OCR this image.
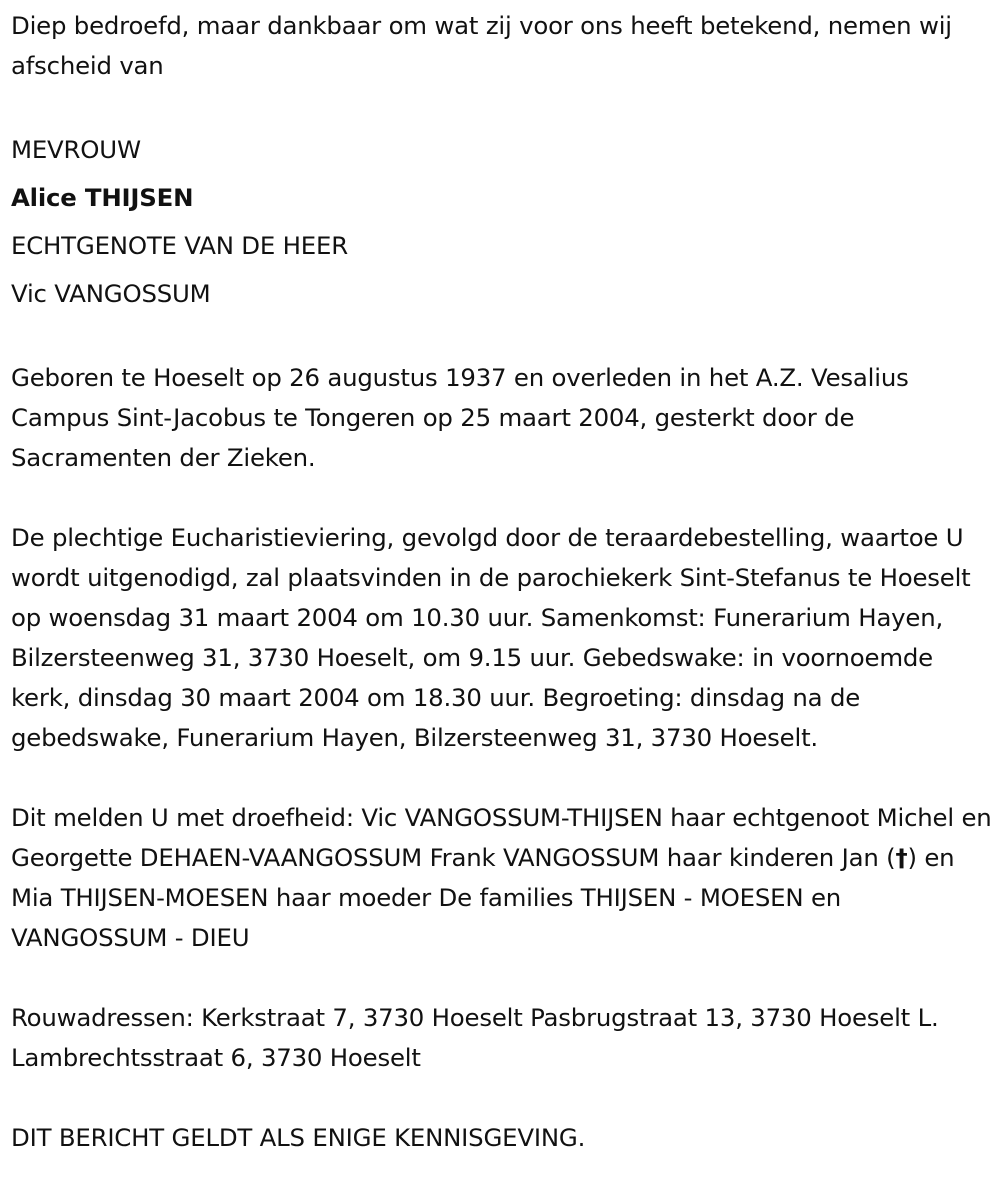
Diep bedroefd, maar dankbaar om wat zij voor ons heeft betekend, nemen wij afscheid van

MEVROUW

Alice THIJSEN

ECHTGENOTE VAN DE HEER

Vic VANGOSSUM

Geboren te Hoeselt op 26 augustus 1937 en overleden in het A.Z. Vesalius Campus Sint-Jacobus te Tongeren op 25 maart 2004, gesterkt door de Sacramenten der Zieken.

De plechtige Eucharistieviering, gevolgd door de teraardebestelling, waartoe U wordt uitgenodigd, zal plaatsvinden in de parochiekerk Sint-Stefanus te Hoeselt op woensdag 31 maart 2004 om 10.30 uur. Samenkomst: Funerarium Hayen, Bilzersteenweg 31, 3730 Hoeselt, om 9.15 uur. Gebedswake: in voornoemde kerk, dinsdag 30 maart 2004 om 18.30 uur. Begroeting: dinsdag na de gebedswake, Funerarium Hayen, Bilzersteenweg 31, 3730 Hoeselt.

Dit melden U met droefheid: Vic VANGOSSUM-THIJSEN haar echtgenoot Michel en Georgette DEHAEN-VAANGOSSUM Frank VANGOSSUM haar kinderen Jan (†) en Mia THIJSEN-MOESEN haar moeder De families THIJSEN - MOESEN en VANGOSSUM - DIEU

Rouwadressen: Kerkstraat 7, 3730 Hoeselt Pasbrugstraat 13, 3730 Hoeselt L. Lambrechtsstraat 6, 3730 Hoeselt

DIT BERICHT GELDT ALS ENIGE KENNISGEVING.
